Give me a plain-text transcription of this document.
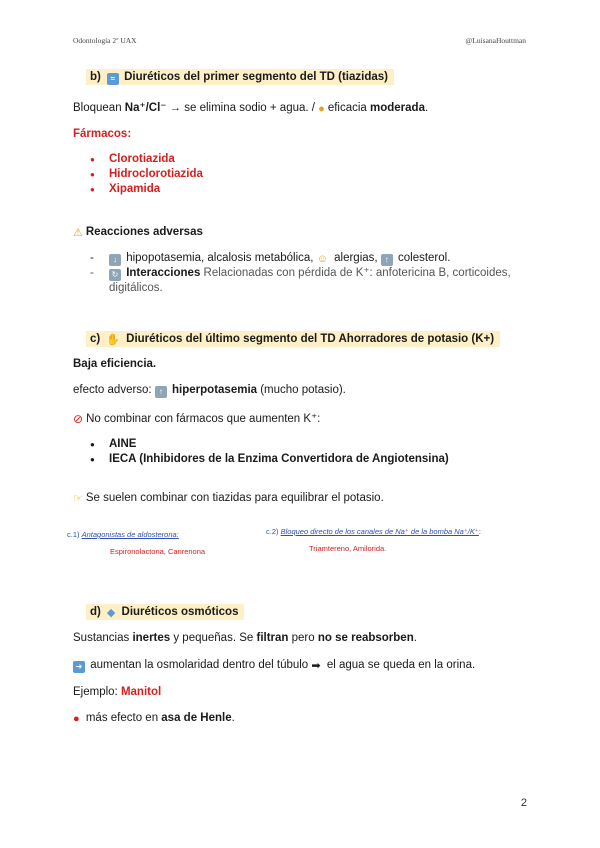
Odontología 2º UAX	@LuisanaHouttman
b) ≈ Diuréticos del primer segmento del TD (tiazidas)
Bloquean Na⁺/Cl⁻ → se elimina sodio + agua. / ● eficacia moderada.
Fármacos:
● Clorotiazida
● Hidroclorotiazida
● Xipamida
⚠ Reacciones adversas
- ↓ hipopotasemia, alcalosis metabólica, ☺ alergias, ↑ colesterol.
- ↻ Interacciones Relacionadas con pérdida de K⁺: anfotericina B, corticoides,
digitálicos.
c) ✋ Diuréticos del último segmento del TD Ahorradores de potasio (K+)
Baja eficiencia.
efecto adverso: ↑ hiperpotasemia (mucho potasio).
⊘ No combinar con fármacos que aumenten K⁺:
● AINE
● IECA (Inhibidores de la Enzima Convertidora de Angiotensina)
☞ Se suelen combinar con tiazidas para equilibrar el potasio.
c.1) Antagonistas de aldosterona:
Espironolactona, Canrenona
c.2) Bloqueo directo de los canales de Na⁺ de la bomba Na⁺/K⁺:
Triamtereno, Amilorida.
d) ◆ Diuréticos osmóticos
Sustancias inertes y pequeñas. Se filtran pero no se reabsorben.
➜ aumentan la osmolaridad dentro del túbulo ➡ el agua se queda en la orina.
Ejemplo: Manitol
● más efecto en asa de Henle.
2
